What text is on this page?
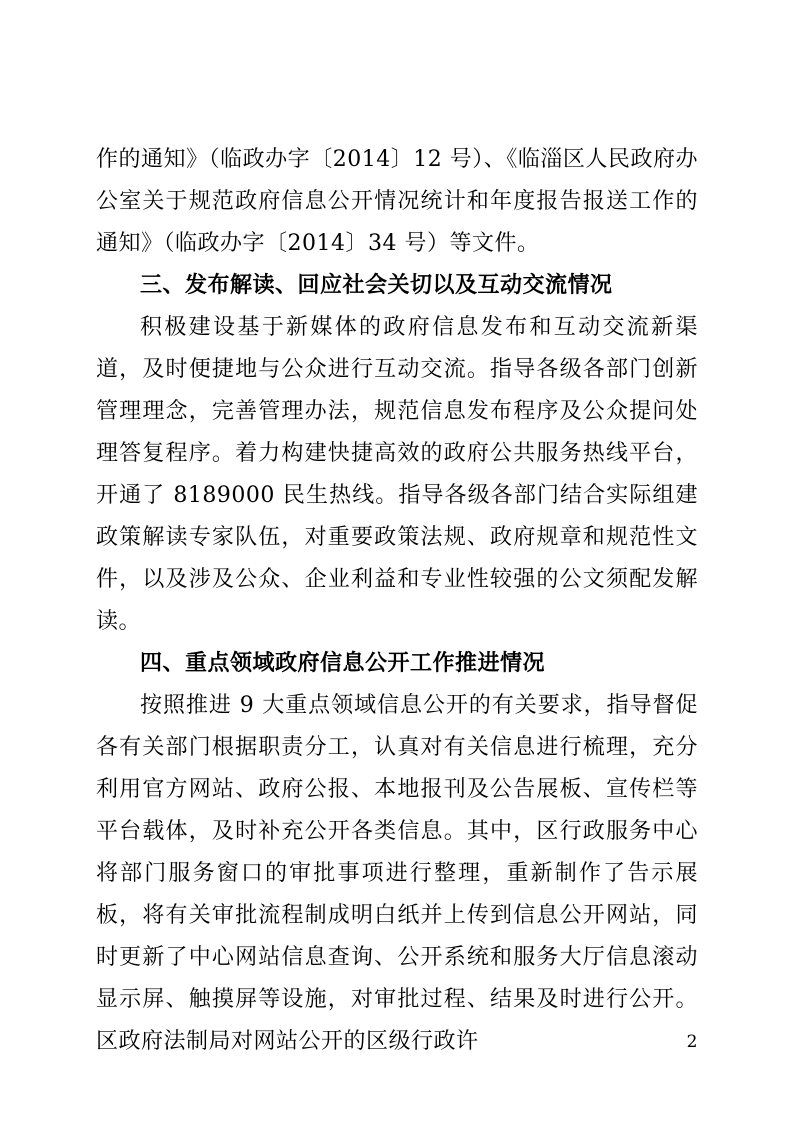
作的通知》（临政办字〔2014〕12 号）、《临淄区人民政府办公室关于规范政府信息公开情况统计和年度报告报送工作的通知》（临政办字〔2014〕34 号）等文件。

三、发布解读、回应社会关切以及互动交流情况

积极建设基于新媒体的政府信息发布和互动交流新渠道，及时便捷地与公众进行互动交流。指导各级各部门创新管理理念，完善管理办法，规范信息发布程序及公众提问处理答复程序。着力构建快捷高效的政府公共服务热线平台，开通了 8189000 民生热线。指导各级各部门结合实际组建政策解读专家队伍，对重要政策法规、政府规章和规范性文件，以及涉及公众、企业利益和专业性较强的公文须配发解读。

四、重点领域政府信息公开工作推进情况

按照推进 9 大重点领域信息公开的有关要求，指导督促各有关部门根据职责分工，认真对有关信息进行梳理，充分利用官方网站、政府公报、本地报刊及公告展板、宣传栏等平台载体，及时补充公开各类信息。其中，区行政服务中心将部门服务窗口的审批事项进行整理，重新制作了告示展板，将有关审批流程制成明白纸并上传到信息公开网站，同时更新了中心网站信息查询、公开系统和服务大厅信息滚动显示屏、触摸屏等设施，对审批过程、结果及时进行公开。区政府法制局对网站公开的区级行政许	2
